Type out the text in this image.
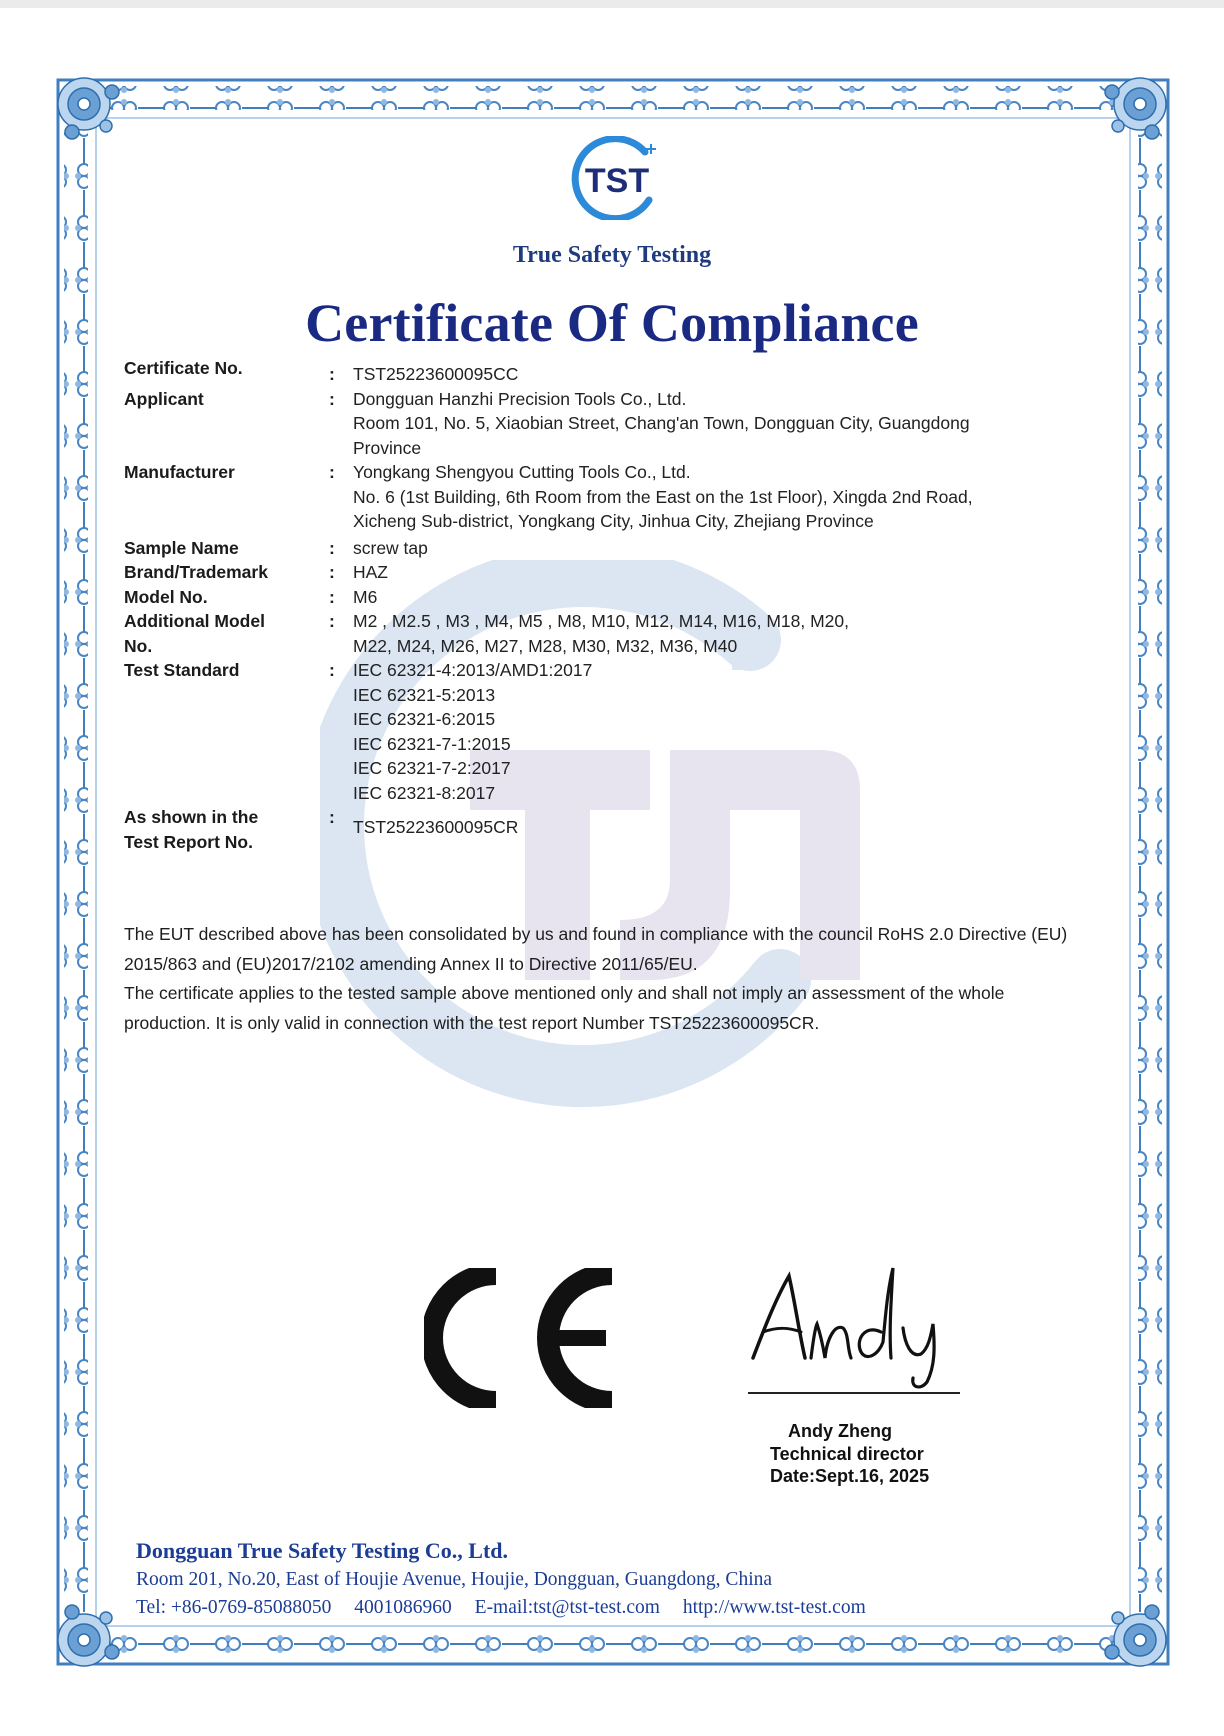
TST
True Safety Testing
Certificate Of Compliance
Certificate No.	:	TST25223600095CC
Applicant	:	Dongguan Hanzhi Precision Tools Co., Ltd.
Room 101, No. 5, Xiaobian Street, Chang'an Town, Dongguan City, Guangdong
Province
Manufacturer	:	Yongkang Shengyou Cutting Tools Co., Ltd.
No. 6 (1st Building, 6th Room from the East on the 1st Floor), Xingda 2nd Road,
Xicheng Sub-district, Yongkang City, Jinhua City, Zhejiang Province
Sample Name	:	screw tap
Brand/Trademark	:	HAZ
Model No.	:	M6
Additional Model
No.
:	M2 , M2.5 , M3 , M4, M5 , M8, M10, M12, M14, M16, M18, M20,
M22, M24, M26, M27, M28, M30, M32, M36, M40
Test Standard	:	IEC 62321-4:2013/AMD1:2017
IEC 62321-5:2013
IEC 62321-6:2015
IEC 62321-7-1:2015
IEC 62321-7-2:2017
IEC 62321-8:2017
As shown in the
Test Report No.
:	TST25223600095CR

The EUT described above has been consolidated by us and found in compliance with the council RoHS 2.0 Directive (EU) 2015/863 and (EU)2017/2102 amending Annex II to Directive 2011/65/EU.

The certificate applies to the tested sample above mentioned only and shall not imply an assessment of the whole production. It is only valid in connection with the test report Number TST25223600095CR.

Andy Zheng
Technical director
Date:Sept.16, 2025
Dongguan True Safety Testing Co., Ltd.
Room 201, No.20, East of Houjie Avenue, Houjie, Dongguan, Guangdong, China
Tel: +86-0769-85088050 4001086960 E-mail:tst@tst-test.com http://www.tst-test.com
